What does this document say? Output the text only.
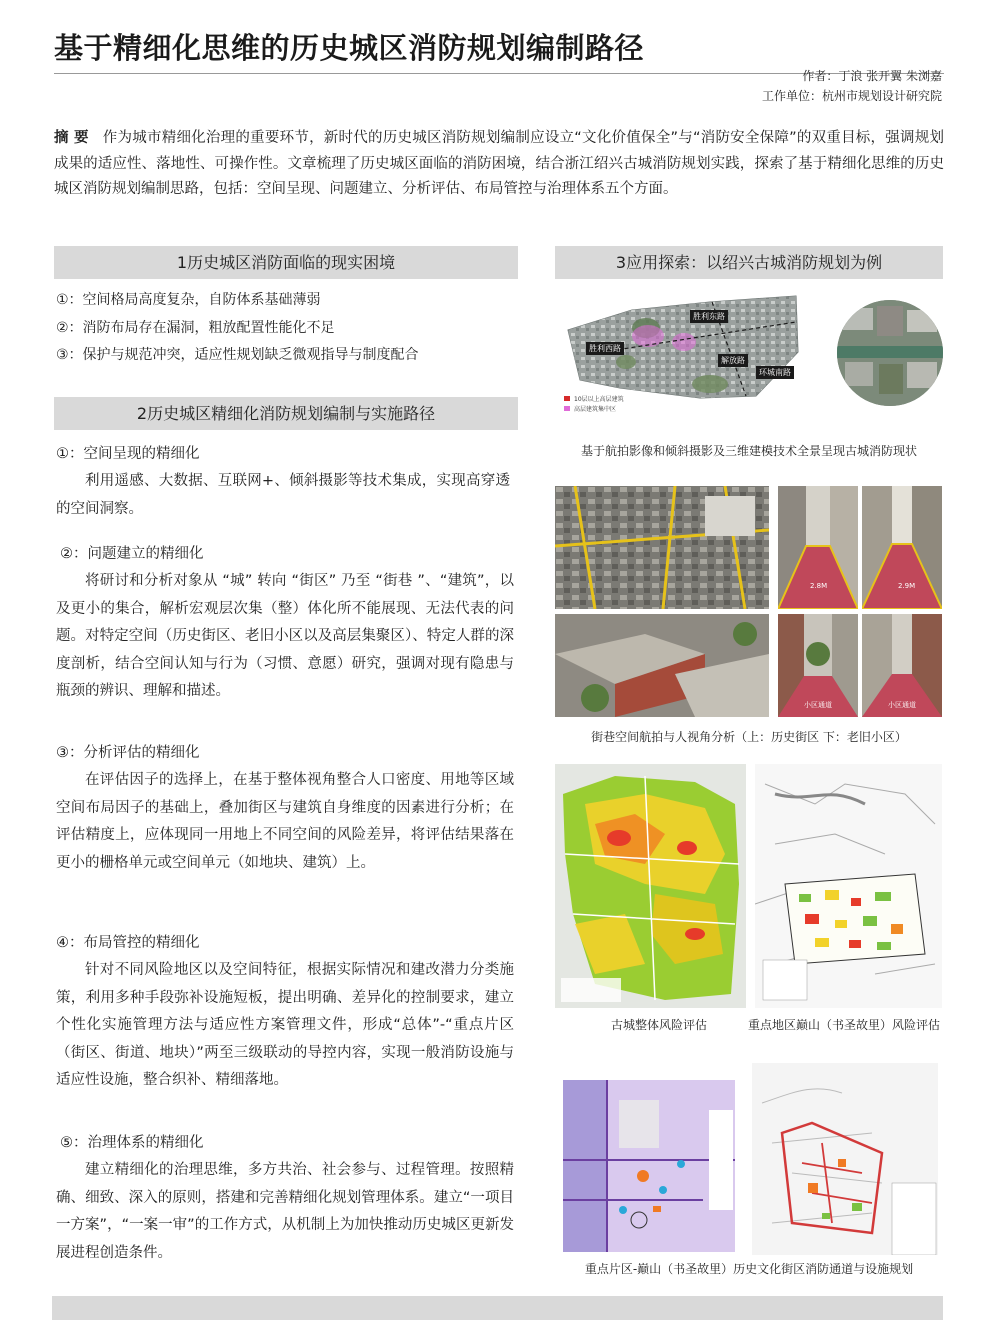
基于精细化思维的历史城区消防规划编制路径
作者：丁浪 张开翼 朱浏嘉
工作单位：杭州市规划设计研究院
摘 要 作为城市精细化治理的重要环节，新时代的历史城区消防规划编制应设立“文化价值保全”与“消防安全保障”的双重目标，强调规划成果的适应性、落地性、可操作性。文章梳理了历史城区面临的消防困境，结合浙江绍兴古城消防规划实践，探索了基于精细化思维的历史城区消防规划编制思路，包括：空间呈现、问题建立、分析评估、布局管控与治理体系五个方面。
1历史城区消防面临的现实困境
①：空间格局高度复杂，自防体系基础薄弱
②：消防布局存在漏洞，粗放配置性能化不足
③：保护与规范冲突，适应性规划缺乏微观指导与制度配合
2历史城区精细化消防规划编制与实施路径
①：空间呈现的精细化
利用遥感、大数据、互联网+、倾斜摄影等技术集成，实现高穿透的空间洞察。
②：问题建立的精细化
将研讨和分析对象从 “城” 转向 “街区” 乃至 “街巷 ”、“建筑”，以及更小的集合，解析宏观层次集（整）体化所不能展现、无法代表的问题。对特定空间（历史街区、老旧小区以及高层集聚区）、特定人群的深度剖析，结合空间认知与行为（习惯、意愿）研究，强调对现有隐患与瓶颈的辨识、理解和描述。
③：分析评估的精细化
在评估因子的选择上，在基于整体视角整合人口密度、用地等区域空间布局因子的基础上，叠加街区与建筑自身维度的因素进行分析；在评估精度上，应体现同一用地上不同空间的风险差异，将评估结果落在更小的栅格单元或空间单元（如地块、建筑）上。
④：布局管控的精细化
针对不同风险地区以及空间特征，根据实际情况和建改潜力分类施策，利用多种手段弥补设施短板，提出明确、差异化的控制要求，建立个性化实施管理方法与适应性方案管理文件，形成“总体”-“重点片区（街区、街道、地块）”两至三级联动的导控内容，实现一般消防设施与适应性设施，整合织补、精细落地。
⑤：治理体系的精细化
建立精细化的治理思维，多方共治、社会参与、过程管理。按照精确、细致、深入的原则，搭建和完善精细化规划管理体系。建立“一项目一方案”，“一案一审”的工作方式，从机制上为加快推动历史城区更新发展进程创造条件。
3应用探索：以绍兴古城消防规划为例
胜利西路
胜利东路
解放路
环城南路
10层以上高层建筑
高层建筑集中区
基于航拍影像和倾斜摄影及三维建模技术全景呈现古城消防现状
2.8M	2.9M
小区通道	小区通道
街巷空间航拍与人视角分析（上：历史街区 下：老旧小区）
古城整体风险评估	重点地区巅山（书圣故里）风险评估
重点片区-巅山（书圣故里）历史文化街区消防通道与设施规划
